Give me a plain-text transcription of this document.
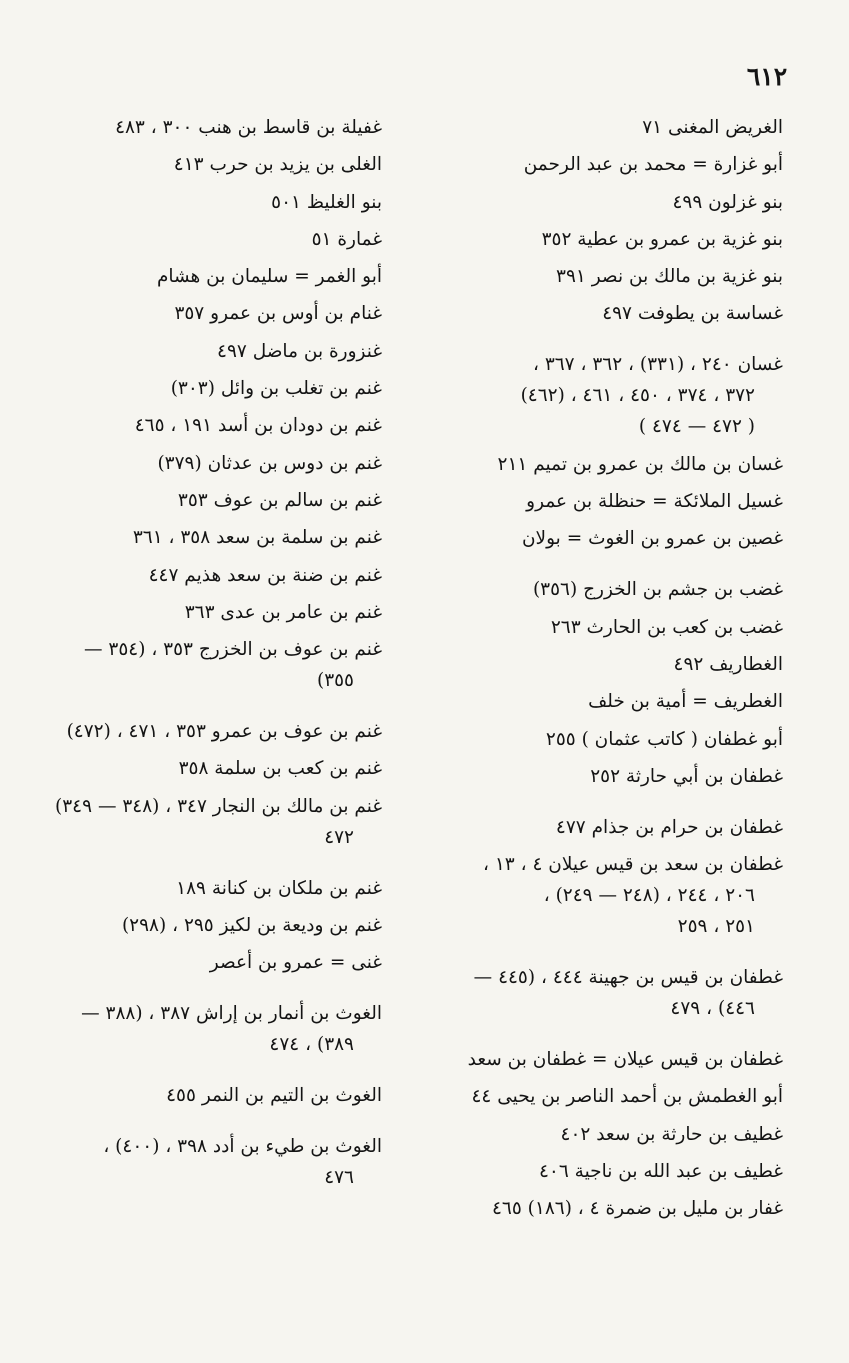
٦١٢
الغريض المغنى ٧١
أبو غزارة = محمد بن عبد الرحمن
بنو غزلون ٤٩٩
بنو غزية بن عمرو بن عطية ٣٥٢
بنو غزية بن مالك بن نصر ٣٩١
غساسة بن يطوفت ٤٩٧
غسان ٢٤٠ ، (٣٣١) ، ٣٦٢ ، ٣٦٧ ،
٣٧٢ ، ٣٧٤ ، ٤٥٠ ، ٤٦١ ، (٤٦٢)
( ٤٧٢ — ٤٧٤ )
غسان بن مالك بن عمرو بن تميم ٢١١
غسيل الملائكة = حنظلة بن عمرو
غصين بن عمرو بن الغوث = بولان
غضب بن جشم بن الخزرج (٣٥٦)
غضب بن كعب بن الحارث ٢٦٣
الغطاريف ٤٩٢
الغطريف = أمية بن خلف
أبو غطفان ( كاتب عثمان ) ٢٥٥
غطفان بن أبي حارثة ٢٥٢
غطفان بن حرام بن جذام ٤٧٧
غطفان بن سعد بن قيس عيلان ٤ ، ١٣ ،
٢٠٦ ، ٢٤٤ ، (٢٤٨ — ٢٤٩) ،
٢٥١ ، ٢٥٩
غطفان بن قيس بن جهينة ٤٤٤ ، (٤٤٥ —
٤٤٦) ، ٤٧٩
غطفان بن قيس عيلان = غطفان بن سعد
أبو الغطمش بن أحمد الناصر بن يحيى ٤٤
غطيف بن حارثة بن سعد ٤٠٢
غطيف بن عبد الله بن ناجية ٤٠٦
غفار بن مليل بن ضمرة ٤ ، (١٨٦) ٤٦٥
غفيلة بن قاسط بن هنب ٣٠٠ ، ٤٨٣
الغلى بن يزيد بن حرب ٤١٣
بنو الغليظ ٥٠١
غمارة ٥١
أبو الغمر = سليمان بن هشام
غنام بن أوس بن عمرو ٣٥٧
غنزورة بن ماضل ٤٩٧
غنم بن تغلب بن وائل (٣٠٣)
غنم بن دودان بن أسد ١٩١ ، ٤٦٥
غنم بن دوس بن عدثان (٣٧٩)
غنم بن سالم بن عوف ٣٥٣
غنم بن سلمة بن سعد ٣٥٨ ، ٣٦١
غنم بن ضنة بن سعد هذيم ٤٤٧
غنم بن عامر بن عدى ٣٦٣
غنم بن عوف بن الخزرج ٣٥٣ ، (٣٥٤ —
٣٥٥)
غنم بن عوف بن عمرو ٣٥٣ ، ٤٧١ ، (٤٧٢)
غنم بن كعب بن سلمة ٣٥٨
غنم بن مالك بن النجار ٣٤٧ ، (٣٤٨ — ٣٤٩)
٤٧٢
غنم بن ملكان بن كنانة ١٨٩
غنم بن وديعة بن لكيز ٢٩٥ ، (٢٩٨)
غنى = عمرو بن أعصر
الغوث بن أنمار بن إراش ٣٨٧ ، (٣٨٨ —
٣٨٩) ، ٤٧٤
الغوث بن التيم بن النمر ٤٥٥
الغوث بن طيء بن أدد ٣٩٨ ، (٤٠٠) ،
٤٧٦
